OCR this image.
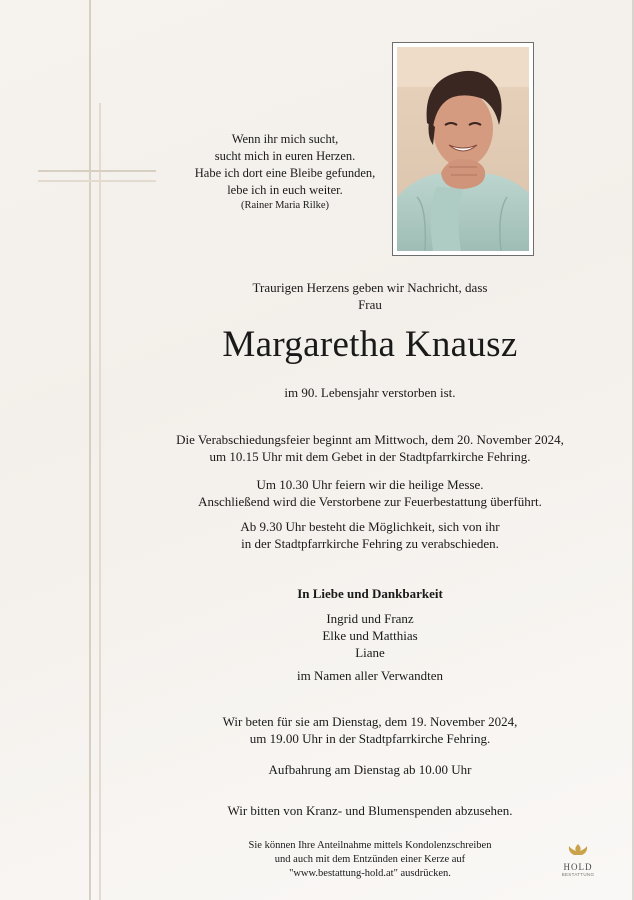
Wenn ihr mich sucht,
sucht mich in euren Herzen.
Habe ich dort eine Bleibe gefunden,
lebe ich in euch weiter.
(Rainer Maria Rilke)
Traurigen Herzens geben wir Nachricht, dass
Frau
Margaretha Knausz
im 90. Lebensjahr verstorben ist.
Die Verabschiedungsfeier beginnt am Mittwoch, dem 20. November 2024,
um 10.15 Uhr mit dem Gebet in der Stadtpfarrkirche Fehring.
Um 10.30 Uhr feiern wir die heilige Messe.
Anschließend wird die Verstorbene zur Feuerbestattung überführt.
Ab 9.30 Uhr besteht die Möglichkeit, sich von ihr
in der Stadtpfarrkirche Fehring zu verabschieden.
In Liebe und Dankbarkeit
Ingrid und Franz
Elke und Matthias
Liane
im Namen aller Verwandten
Wir beten für sie am Dienstag, dem 19. November 2024,
um 19.00 Uhr in der Stadtpfarrkirche Fehring.
Aufbahrung am Dienstag ab 10.00 Uhr
Wir bitten von Kranz- und Blumenspenden abzusehen.
Sie können Ihre Anteilnahme mittels Kondolenzschreiben
und auch mit dem Entzünden einer Kerze auf
"www.bestattung-hold.at" ausdrücken.
HOLD
BESTATTUNG
